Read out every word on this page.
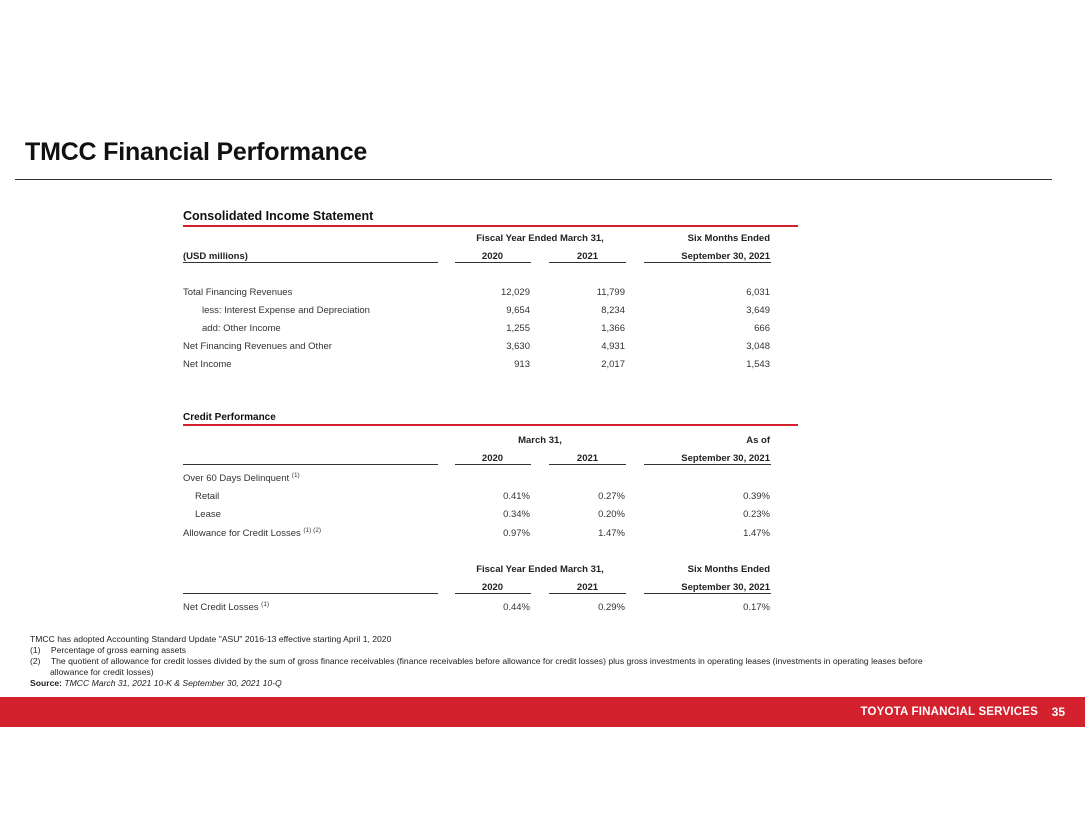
TMCC Financial Performance
Consolidated Income Statement
Fiscal Year Ended March 31,	Six Months Ended
(USD millions)	2020	2021	September 30, 2021
Total Financing Revenues	12,029	11,799	6,031
less: Interest Expense and Depreciation	9,654	8,234	3,649
add: Other Income	1,255	1,366	666
Net Financing Revenues and Other	3,630	4,931	3,048
Net Income	913	2,017	1,543
Credit Performance
March 31,	As of
2020	2021	September 30, 2021
Over 60 Days Delinquent $^{(1)}$
Retail	0.41%	0.27%	0.39%
Lease	0.34%	0.20%	0.23%
Allowance for Credit Losses $^{(1) (2)}$	0.97%	1.47%	1.47%
Fiscal Year Ended March 31,	Six Months Ended
2020	2021	September 30, 2021
Net Credit Losses $^{(1)}$	0.44%	0.29%	0.17%
TMCC has adopted Accounting Standard Update "ASU" 2016-13 effective starting April 1, 2020
(1) Percentage of gross earning assets
(2) The quotient of allowance for credit losses divided by the sum of gross finance receivables (finance receivables before allowance for credit losses) plus gross investments in operating leases (investments in operating leases before
allowance for credit losses)
Source: TMCC March 31, 2021 10-K & September 30, 2021 10-Q
TOYOTA FINANCIAL SERVICES 35
